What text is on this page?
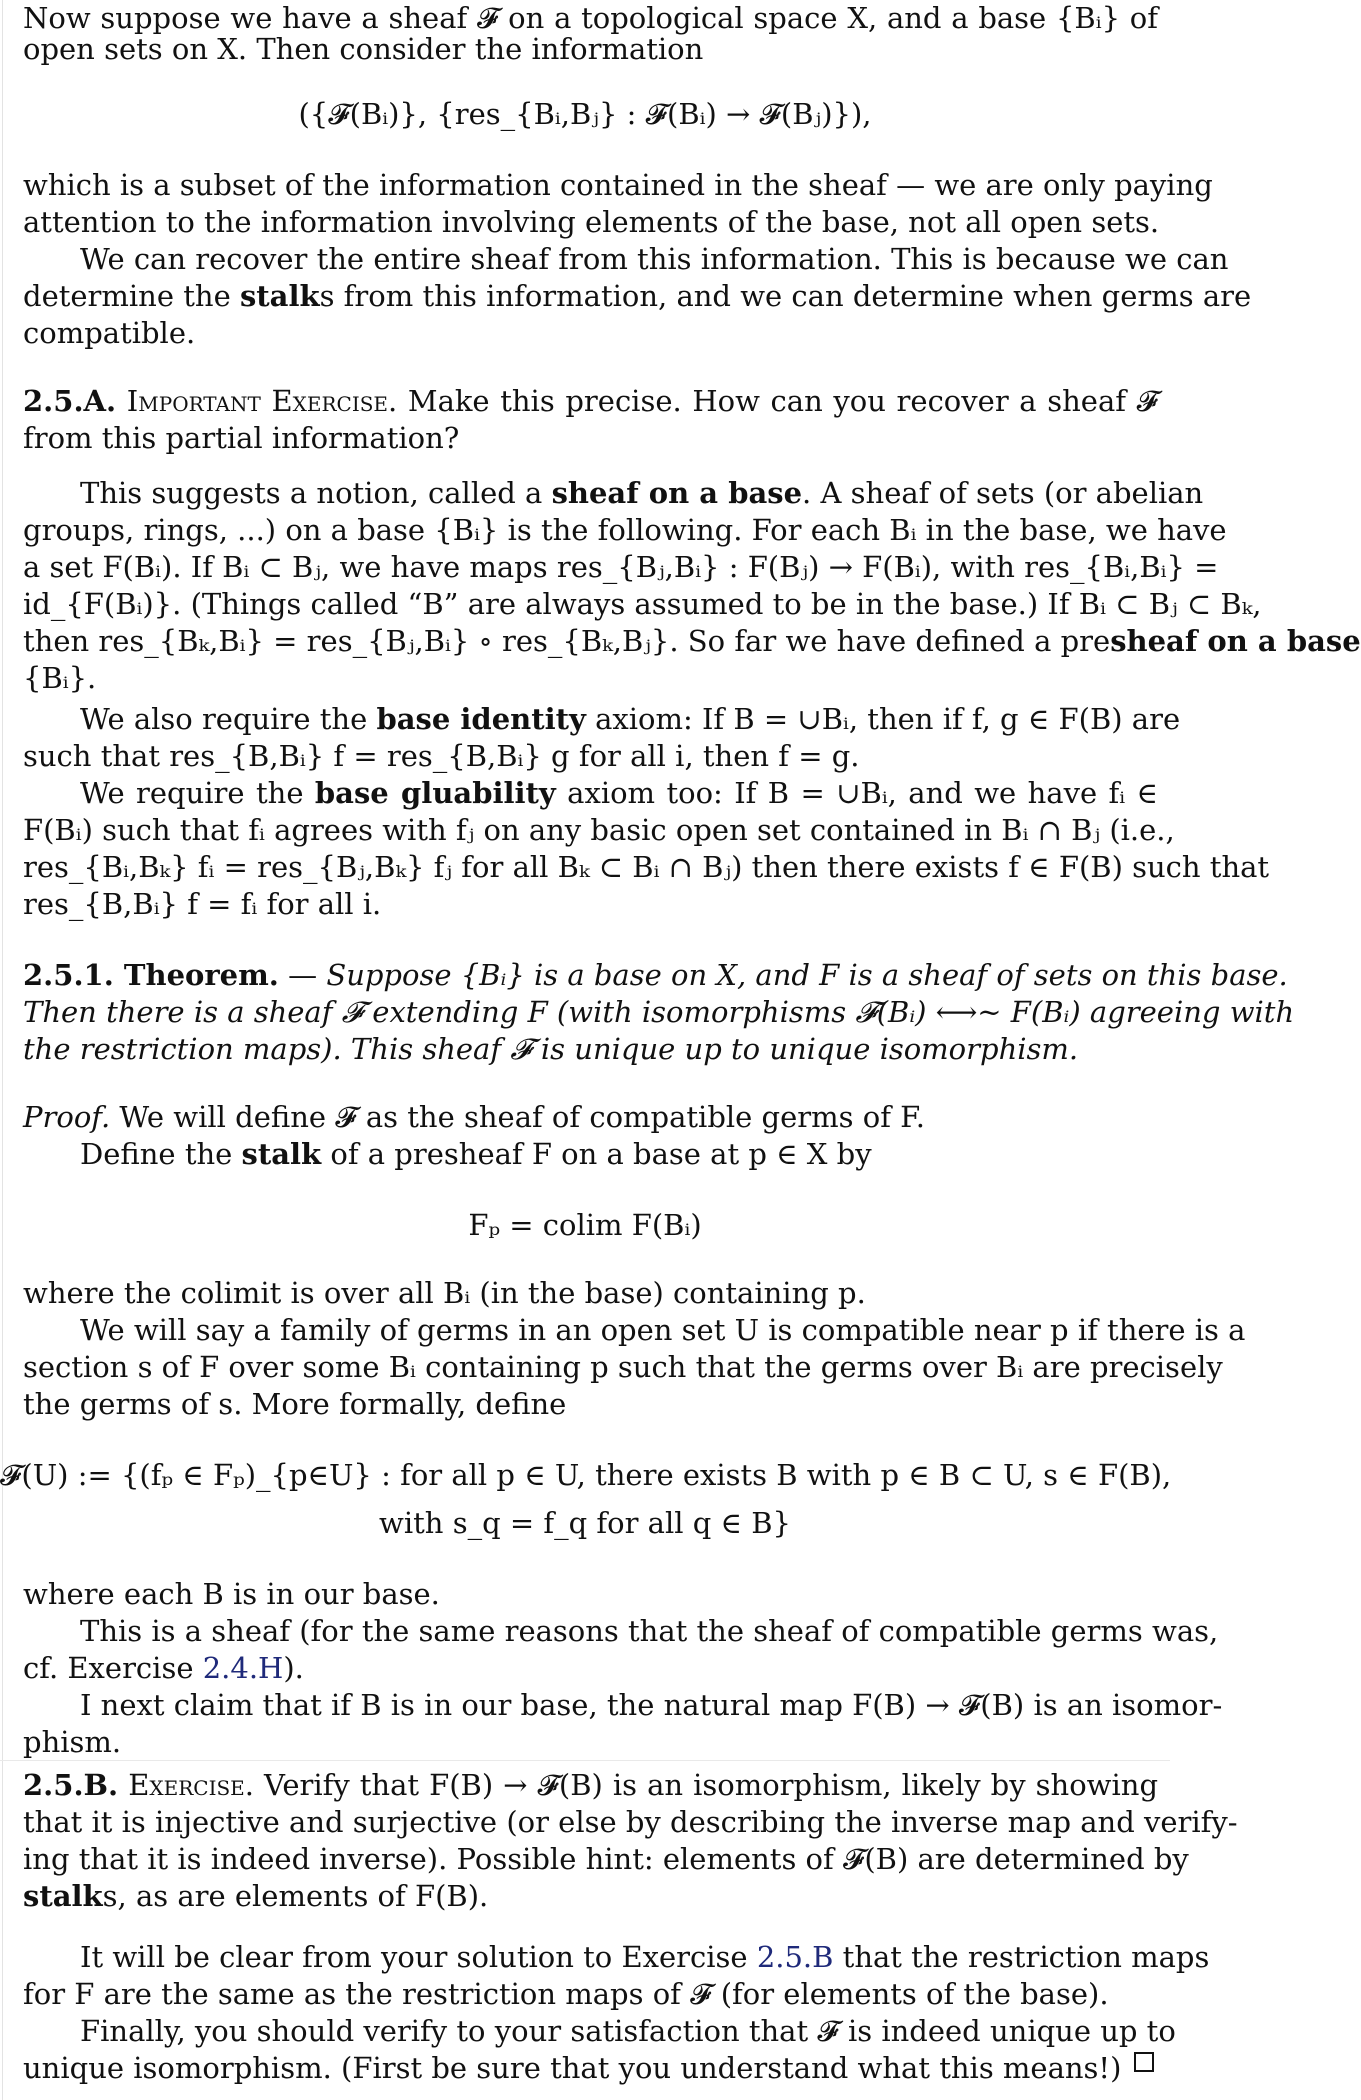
Now suppose we have a sheaf 𝓕 on a topological space X, and a base {Bᵢ} of
open sets on X. Then consider the information
({𝓕(Bᵢ)}, {res_{Bᵢ,Bⱼ} : 𝓕(Bᵢ) → 𝓕(Bⱼ)}),
which is a subset of the information contained in the sheaf — we are only paying
attention to the information involving elements of the base, not all open sets.
We can recover the entire sheaf from this information. This is because we can
determine the stalks from this information, and we can determine when germs are
compatible.
2.5.A. Important Exercise. Make this precise. How can you recover a sheaf 𝓕
from this partial information?
This suggests a notion, called a sheaf on a base. A sheaf of sets (or abelian
groups, rings, ...) on a base {Bᵢ} is the following. For each Bᵢ in the base, we have
a set F(Bᵢ). If Bᵢ ⊂ Bⱼ, we have maps res_{Bⱼ,Bᵢ} : F(Bⱼ) → F(Bᵢ), with res_{Bᵢ,Bᵢ} =
id_{F(Bᵢ)}. (Things called “B” are always assumed to be in the base.) If Bᵢ ⊂ Bⱼ ⊂ Bₖ,
then res_{Bₖ,Bᵢ} = res_{Bⱼ,Bᵢ} ∘ res_{Bₖ,Bⱼ}. So far we have defined a presheaf on a base
{Bᵢ}.
We also require the base identity axiom: If B = ∪Bᵢ, then if f, g ∈ F(B) are
such that res_{B,Bᵢ} f = res_{B,Bᵢ} g for all i, then f = g.
We require the base gluability axiom too: If B = ∪Bᵢ, and we have fᵢ ∈
F(Bᵢ) such that fᵢ agrees with fⱼ on any basic open set contained in Bᵢ ∩ Bⱼ (i.e.,
res_{Bᵢ,Bₖ} fᵢ = res_{Bⱼ,Bₖ} fⱼ for all Bₖ ⊂ Bᵢ ∩ Bⱼ) then there exists f ∈ F(B) such that
res_{B,Bᵢ} f = fᵢ for all i.
2.5.1. Theorem. — Suppose {Bᵢ} is a base on X, and F is a sheaf of sets on this base.
Then there is a sheaf 𝓕 extending F (with isomorphisms 𝓕(Bᵢ) ⟷~ F(Bᵢ) agreeing with
the restriction maps). This sheaf 𝓕 is unique up to unique isomorphism.
Proof. We will define 𝓕 as the sheaf of compatible germs of F.
Define the stalk of a presheaf F on a base at p ∈ X by
Fₚ = colim F(Bᵢ)
where the colimit is over all Bᵢ (in the base) containing p.
We will say a family of germs in an open set U is compatible near p if there is a
section s of F over some Bᵢ containing p such that the germs over Bᵢ are precisely
the germs of s. More formally, define
𝓕(U) := {(fₚ ∈ Fₚ)_{p∈U} : for all p ∈ U, there exists B with p ∈ B ⊂ U, s ∈ F(B),
with s_q = f_q for all q ∈ B}
where each B is in our base.
This is a sheaf (for the same reasons that the sheaf of compatible germs was,
cf. Exercise 2.4.H).
I next claim that if B is in our base, the natural map F(B) → 𝓕(B) is an isomor-
phism.
2.5.B. Exercise. Verify that F(B) → 𝓕(B) is an isomorphism, likely by showing
that it is injective and surjective (or else by describing the inverse map and verify-
ing that it is indeed inverse). Possible hint: elements of 𝓕(B) are determined by
stalks, as are elements of F(B).
It will be clear from your solution to Exercise 2.5.B that the restriction maps
for F are the same as the restriction maps of 𝓕 (for elements of the base).
Finally, you should verify to your satisfaction that 𝓕 is indeed unique up to
unique isomorphism. (First be sure that you understand what this means!)
